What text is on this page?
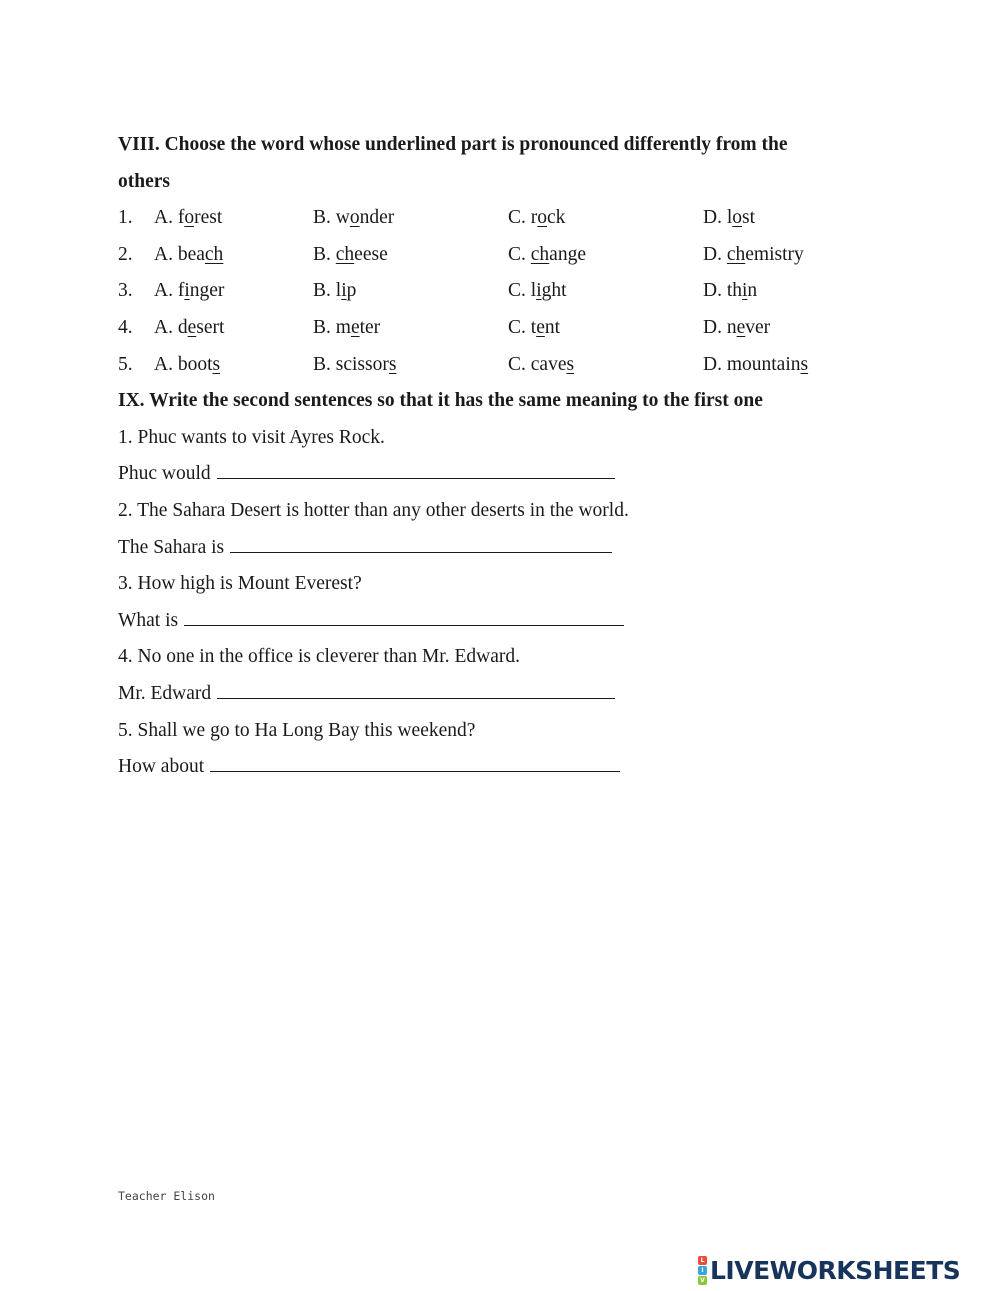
VIII. Choose the word whose underlined part is pronounced differently from the
others
1. A. forest	B. wonder	C. rock	D. lost
2. A. beach	B. cheese	C. change	D. chemistry
3. A. finger	B. lip	C. light	D. thin
4. A. desert	B. meter	C. tent	D. never
5. A. boots	B. scissors	C. caves	D. mountains
IX. Write the second sentences so that it has the same meaning to the first one
1. Phuc wants to visit Ayres Rock.
Phuc would
2. The Sahara Desert is hotter than any other deserts in the world.
The Sahara is
3. How high is Mount Everest?
What is
4. No one in the office is cleverer than Mr. Edward.
Mr. Edward
5. Shall we go to Ha Long Bay this weekend?
How about
Teacher Elison
L
I
V LIVEWORKSHEETS
